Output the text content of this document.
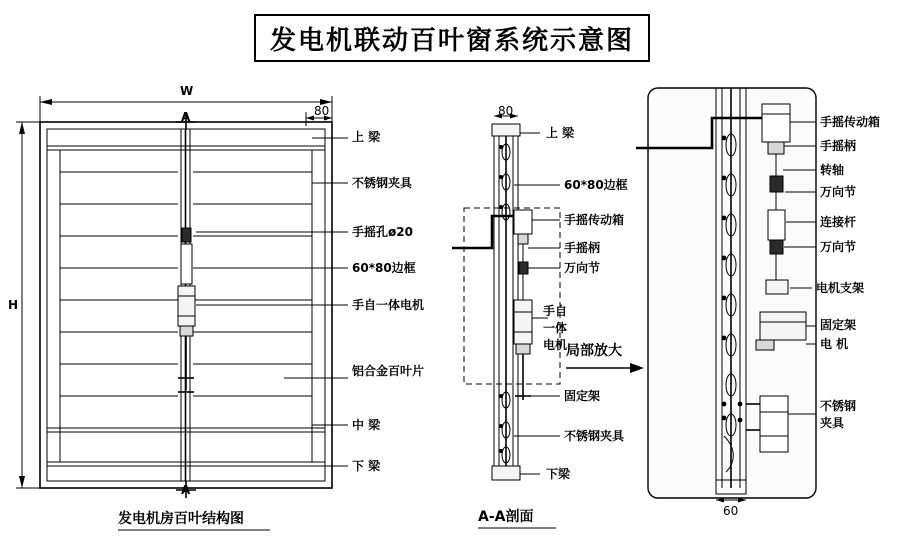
发电机联动百叶窗系统示意图
W
H
80
A
A
上 梁
不锈钢夹具
手摇孔ø20
60*80边框
手自一体电机
铝合金百叶片
中 梁
下 梁
发电机房百叶结构图
80
上 梁
60*80边框
手摇传动箱
手摇柄
万向节
手自一体电机
固定架
不锈钢夹具
下梁
A-A剖面
局部放大
60
手摇传动箱
手摇柄
转轴
万向节
连接杆
万向节
电机支架
固定架
电 机
不锈钢夹具
